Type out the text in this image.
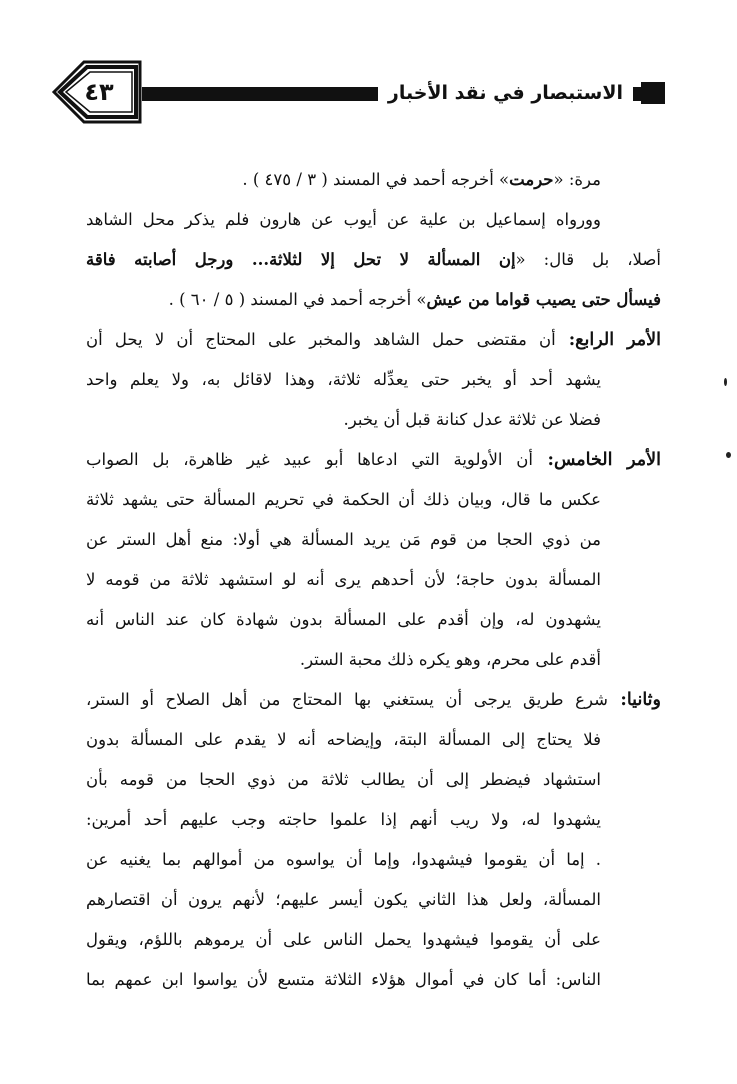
الاستبصار في نقد الأخبار
٤٣
مرة: «حرمت» أخرجه أحمد في المسند ( ٣ / ٤٧٥ ) .
وورواه إسماعيل بن علية عن أيوب عن هارون فلم يذكر محل الشاهد
أصلا، بل قال: «إن المسألة لا تحل إلا لثلاثة... ورجل أصابته فاقة
فيسأل حتى يصيب قواما من عيش» أخرجه أحمد في المسند ( ٥ / ٦٠ ) .
الأمر الرابع: أن مقتضى حمل الشاهد والمخبر على المحتاج أن لا يحل أن
يشهد أحد أو يخبر حتى يعدِّله ثلاثة، وهذا لاقائل به، ولا يعلم واحد
فضلا عن ثلاثة عدل كنانة قبل أن يخبر.
الأمر الخامس: أن الأولوية التي ادعاها أبو عبيد غير ظاهرة، بل الصواب
عكس ما قال، وبيان ذلك أن الحكمة في تحريم المسألة حتى يشهد ثلاثة
من ذوي الحجا من قوم مَن يريد المسألة هي أولا: منع أهل الستر عن
المسألة بدون حاجة؛ لأن أحدهم يرى أنه لو استشهد ثلاثة من قومه لا
يشهدون له، وإن أقدم على المسألة بدون شهادة كان عند الناس أنه
أقدم على محرم، وهو يكره ذلك محبة الستر.
وثانيا: شرع طريق يرجى أن يستغني بها المحتاج من أهل الصلاح أو الستر،
فلا يحتاج إلى المسألة البتة، وإيضاحه أنه لا يقدم على المسألة بدون
استشهاد فيضطر إلى أن يطالب ثلاثة من ذوي الحجا من قومه بأن
يشهدوا له، ولا ريب أنهم إذا علموا حاجته وجب عليهم أحد أمرين:
. إما أن يقوموا فيشهدوا، وإما أن يواسوه من أموالهم بما يغنيه عن
المسألة، ولعل هذا الثاني يكون أيسر عليهم؛ لأنهم يرون أن اقتصارهم
على أن يقوموا فيشهدوا يحمل الناس على أن يرموهم باللؤم، ويقول
الناس: أما كان في أموال هؤلاء الثلاثة متسع لأن يواسوا ابن عمهم بما
